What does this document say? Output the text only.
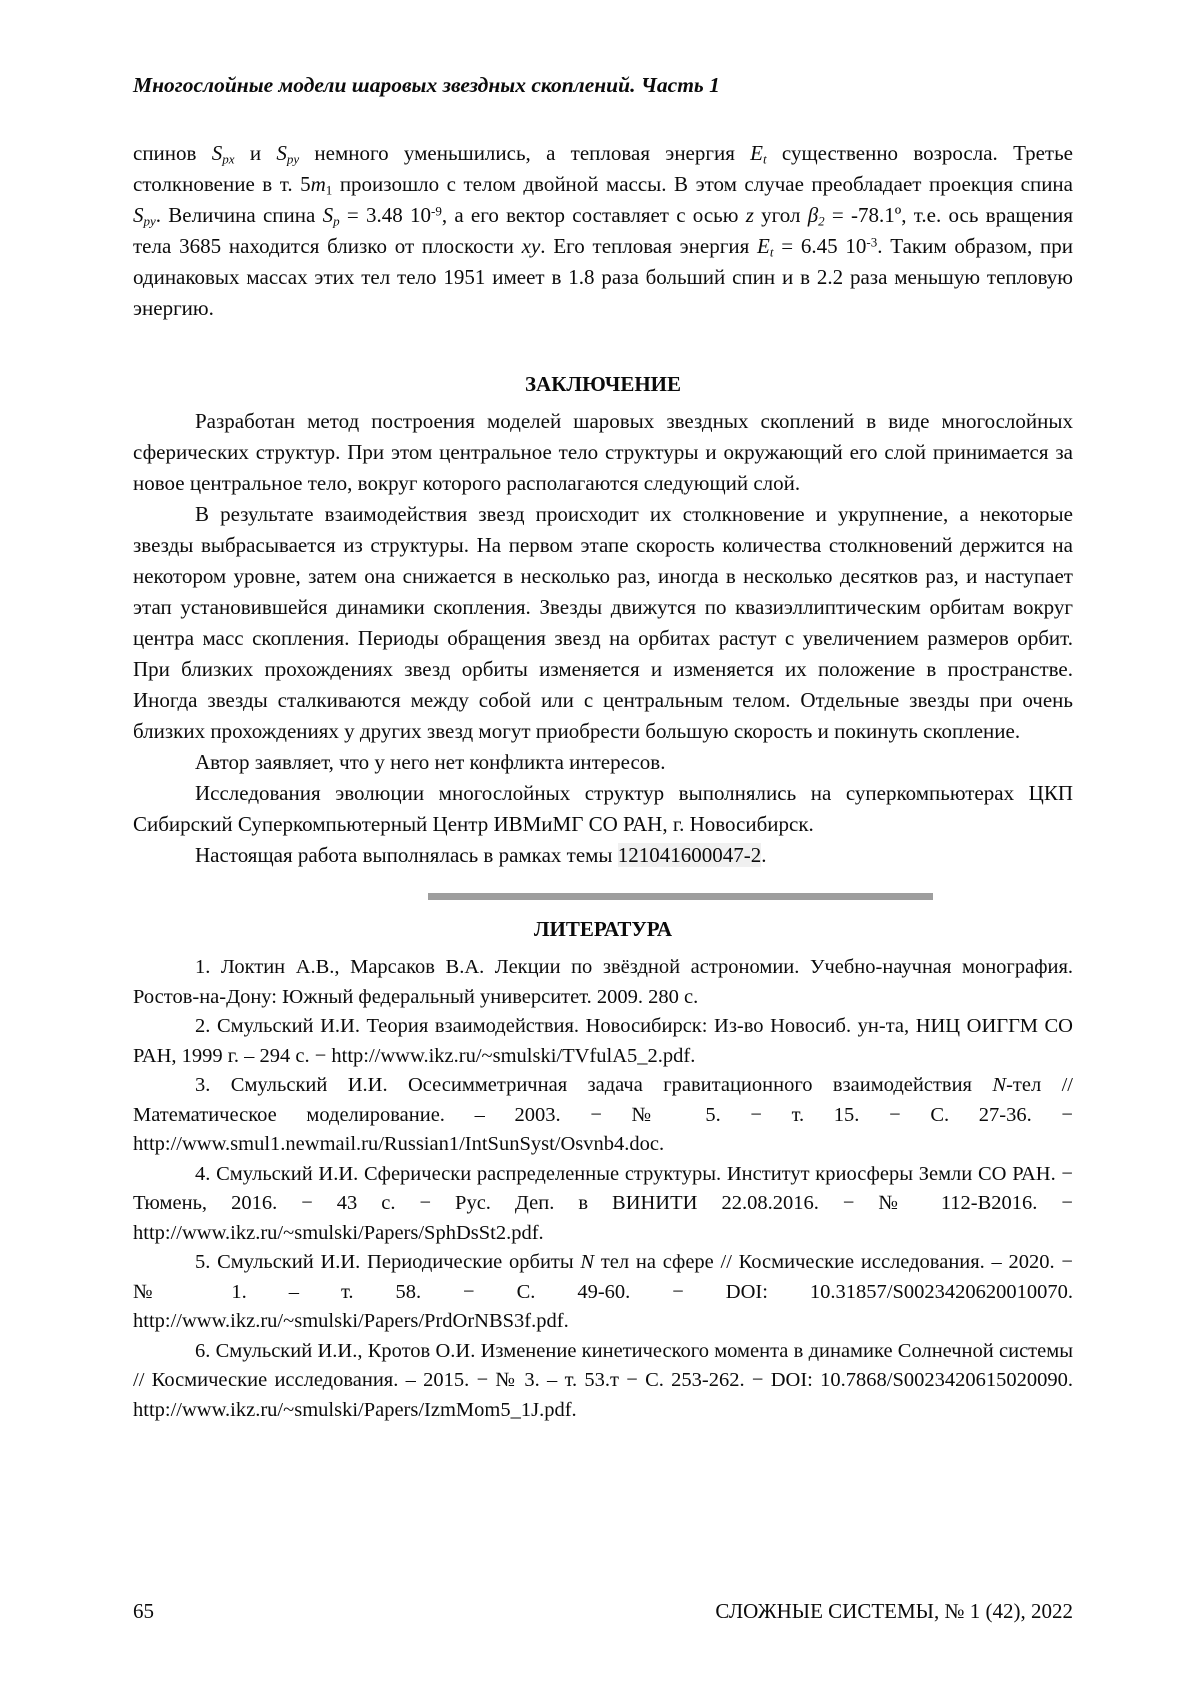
Многослойные модели шаровых звездных скоплений. Часть 1

спинов $S_{px}$ и $S_{py}$ немного уменьшились, а тепловая энергия $E_t$ существенно возросла. Третье столкновение в т. $5m_1$ произошло с телом двойной массы. В этом случае преобладает проекция спина $S_{py}$. Величина спина $S_p = 3.48$ $10^{-9}$, а его вектор составляет с осью z угол $\beta_2$ = -78.1º, т.е. ось вращения тела 3685 находится близко от плоскости xy. Его тепловая энергия $E_t = 6.45$ $10^{-3}$. Таким образом, при одинаковых массах этих тел тело 1951 имеет в 1.8 раза больший спин и в 2.2 раза меньшую тепловую энергию.

ЗАКЛЮЧЕНИЕ

Разработан метод построения моделей шаровых звездных скоплений в виде многослойных сферических структур. При этом центральное тело структуры и окружающий его слой принимается за новое центральное тело, вокруг которого располагаются следующий слой.

В результате взаимодействия звезд происходит их столкновение и укрупнение, а некоторые звезды выбрасывается из структуры. На первом этапе скорость количества столкновений держится на некотором уровне, затем она снижается в несколько раз, иногда в несколько десятков раз, и наступает этап установившейся динамики скопления. Звезды движутся по квазиэллиптическим орбитам вокруг центра масс скопления. Периоды обращения звезд на орбитах растут с увеличением размеров орбит. При близких прохождениях звезд орбиты изменяется и изменяется их положение в пространстве. Иногда звезды сталкиваются между собой или с центральным телом. Отдельные звезды при очень близких прохождениях у других звезд могут приобрести большую скорость и покинуть скопление.

Автор заявляет, что у него нет конфликта интересов.

Исследования эволюции многослойных структур выполнялись на суперкомпьютерах ЦКП Сибирский Суперкомпьютерный Центр ИВМиМГ СО РАН, г. Новосибирск.

Настоящая работа выполнялась в рамках темы 121041600047-2.

ЛИТЕРАТУРА

1. Локтин А.В., Марсаков В.А. Лекции по звёздной астрономии. Учебно-научная монография. Ростов-на-Дону: Южный федеральный университет. 2009. 280 с.

2. Смульский И.И. Теория взаимодействия. Новосибирск: Из-во Новосиб. ун-та, НИЦ ОИГГМ СО РАН, 1999 г. – 294 с. − http://www.ikz.ru/~smulski/TVfulA5_2.pdf.

3. Смульский И.И. Осесимметричная задача гравитационного взаимодействия N-тел // Математическое моделирование. – 2003. − № 5. − т. 15. − С. 27-36. − http://www.smul1.newmail.ru/Russian1/IntSunSyst/Osvnb4.doc.

4. Смульский И.И. Сферически распределенные структуры. Институт криосферы Земли СО РАН. − Тюмень, 2016. − 43 с. − Рус. Деп. в ВИНИТИ 22.08.2016. − № 112-В2016. − http://www.ikz.ru/~smulski/Papers/SphDsSt2.pdf.

5. Смульский И.И. Периодические орбиты N тел на сфере // Космические исследования. – 2020. − № 1. – т. 58. − С. 49-60. − DOI: 10.31857/S0023420620010070. http://www.ikz.ru/~smulski/Papers/PrdOrNBS3f.pdf.

6. Смульский И.И., Кротов О.И. Изменение кинетического момента в динамике Солнечной системы // Космические исследования. – 2015. − № 3. – т. 53.т − С. 253-262. − DOI: 10.7868/S0023420615020090. http://www.ikz.ru/~smulski/Papers/IzmMom5_1J.pdf.

65	СЛОЖНЫЕ СИСТЕМЫ, № 1 (42), 2022
